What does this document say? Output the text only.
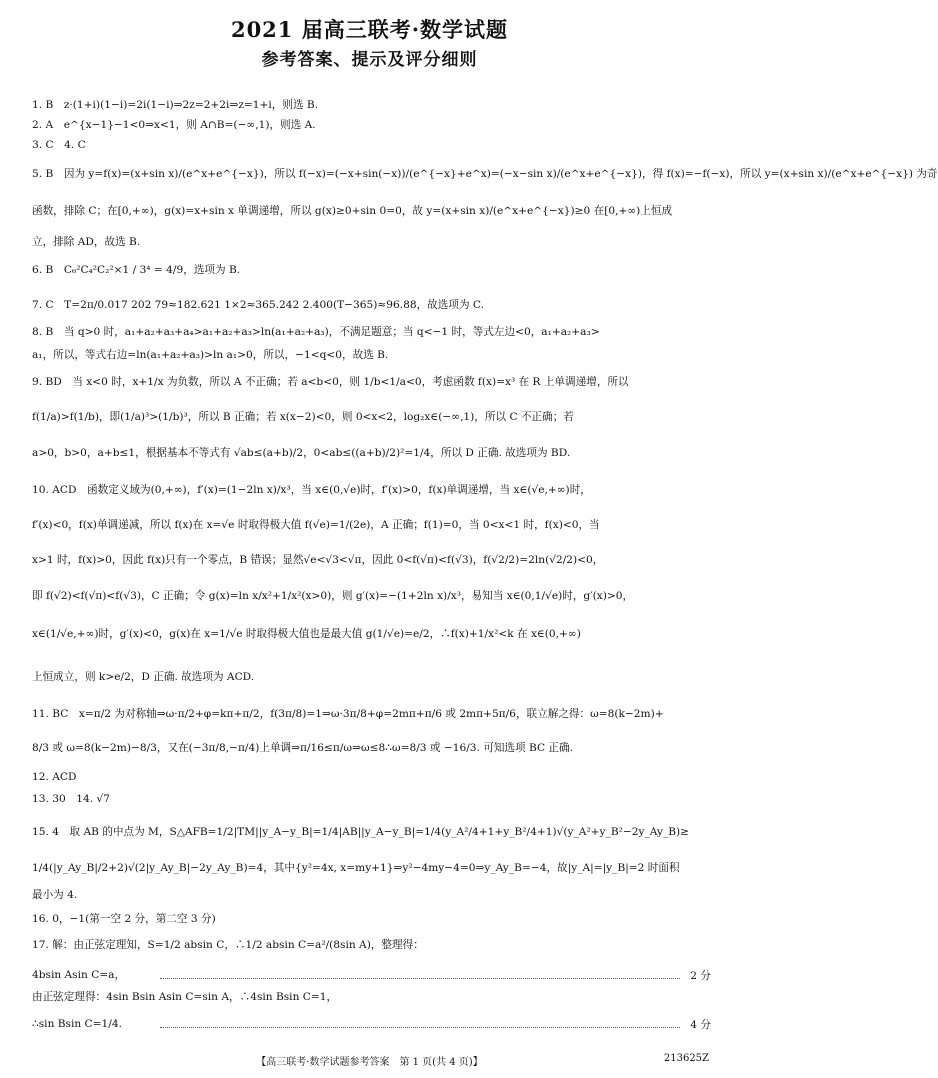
2021 届高三联考·数学试题
参考答案、提示及评分细则
1. B　z·(1+i)(1−i)=2i(1−i)⇒2z=2+2i⇒z=1+i，则选 B.
2. A　e^{x−1}−1<0⇒x<1，则 A∩B=(−∞,1)，则选 A.
3. C　4. C
5. B　因为 y=f(x)=(x+sin x)/(e^x+e^{−x})，所以 f(−x)=(−x+sin(−x))/(e^{−x}+e^x)=(−x−sin x)/(e^x+e^{−x})，得 f(x)=−f(−x)，所以 y=(x+sin x)/(e^x+e^{−x}) 为奇
函数，排除 C；在[0,+∞)，g(x)=x+sin x 单调递增，所以 g(x)≥0+sin 0=0，故 y=(x+sin x)/(e^x+e^{−x})≥0 在[0,+∞)上恒成
立，排除 AD，故选 B.
6. B　C₆²C₄²C₂²×1 / 3⁴ = 4/9，选项为 B.
7. C　T=2π/0.017 202 79≈182.621 1×2≈365.242 2.400(T−365)≈96.88，故选项为 C.
8. B　当 q>0 时，a₁+a₂+a₃+a₄>a₁+a₂+a₃>ln(a₁+a₂+a₃)，不满足题意；当 q<−1 时，等式左边<0，a₁+a₂+a₃>
a₁，所以，等式右边=ln(a₁+a₂+a₃)>ln a₁>0，所以，−1<q<0，故选 B.
9. BD　当 x<0 时，x+1/x 为负数，所以 A 不正确；若 a<b<0，则 1/b<1/a<0，考虑函数 f(x)=x³ 在 R 上单调递增，所以
f(1/a)>f(1/b)，即(1/a)³>(1/b)³，所以 B 正确；若 x(x−2)<0，则 0<x<2，log₂x∈(−∞,1)，所以 C 不正确；若
a>0，b>0，a+b≤1，根据基本不等式有 √ab≤(a+b)/2，0<ab≤((a+b)/2)²=1/4，所以 D 正确. 故选项为 BD.
10. ACD　函数定义域为(0,+∞)，f′(x)=(1−2ln x)/x³，当 x∈(0,√e)时，f′(x)>0，f(x)单调递增，当 x∈(√e,+∞)时，
f′(x)<0，f(x)单调递减，所以 f(x)在 x=√e 时取得极大值 f(√e)=1/(2e)，A 正确；f(1)=0，当 0<x<1 时，f(x)<0，当
x>1 时，f(x)>0，因此 f(x)只有一个零点，B 错误；显然√e<√3<√π，因此 0<f(√π)<f(√3)，f(√2/2)=2ln(√2/2)<0，
即 f(√2)<f(√π)<f(√3)，C 正确；令 g(x)=ln x/x²+1/x²(x>0)，则 g′(x)=−(1+2ln x)/x³，易知当 x∈(0,1/√e)时，g′(x)>0，
x∈(1/√e,+∞)时，g′(x)<0，g(x)在 x=1/√e 时取得极大值也是最大值 g(1/√e)=e/2，∴f(x)+1/x²<k 在 x∈(0,+∞)
上恒成立，则 k>e/2，D 正确. 故选项为 ACD.
11. BC　x=π/2 为对称轴⇒ω·π/2+φ=kπ+π/2，f(3π/8)=1⇒ω·3π/8+φ=2mπ+π/6 或 2mπ+5π/6，联立解之得：ω=8(k−2m)+
8/3 或 ω=8(k−2m)−8/3，又在(−3π/8,−π/4)上单调⇒π/16≤π/ω⇒ω≤8∴ω=8/3 或 −16/3. 可知选项 BC 正确.
12. ACD
13. 30　14. √7
15. 4　取 AB 的中点为 M，S△AFB=1/2|TM||y_A−y_B|=1/4|AB||y_A−y_B|=1/4(y_A²/4+1+y_B²/4+1)√(y_A²+y_B²−2y_Ay_B)≥
1/4(|y_Ay_B|/2+2)√(2|y_Ay_B|−2y_Ay_B)=4，其中{y²=4x, x=my+1}⇒y²−4my−4=0⇒y_Ay_B=−4，故|y_A|=|y_B|=2 时面积
最小为 4.
16. 0，−1(第一空 2 分，第二空 3 分)
17. 解：由正弦定理知，S=1/2 absin C，∴1/2 absin C=a²/(8sin A)，整理得：
4bsin Asin C=a，	2 分
由正弦定理得：4sin Bsin Asin C=sin A，∴4sin Bsin C=1，
∴sin Bsin C=1/4.	4 分
【高三联考·数学试题参考答案　第 1 页(共 4 页)】	213625Z
